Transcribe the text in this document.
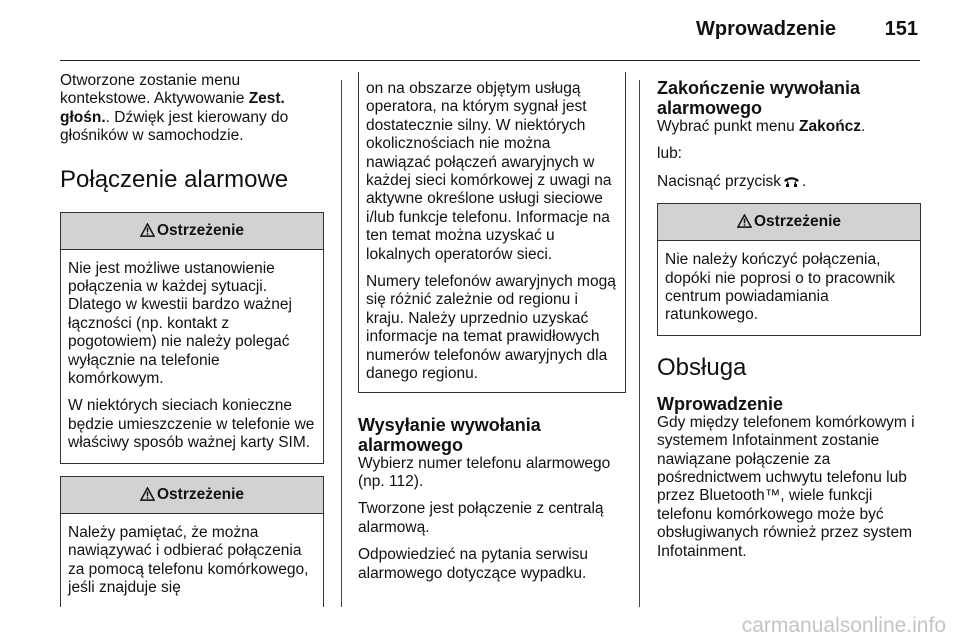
Wprowadzenie 151

Otworzone zostanie menu kontekstowe. Aktywowanie Zest. głośn.. Dźwięk jest kierowany do głośników w samochodzie.

Połączenie alarmowe
Ostrzeżenie

Nie jest możliwe ustanowienie połączenia w każdej sytuacji. Dlatego w kwestii bardzo ważnej łączności (np. kontakt z pogotowiem) nie należy polegać wyłącznie na telefonie komórkowym.

W niektórych sieciach konieczne będzie umieszczenie w telefonie we właściwy sposób ważnej karty SIM.

Ostrzeżenie

Należy pamiętać, że można nawiązywać i odbierać połączenia za pomocą telefonu komórkowego, jeśli znajduje się

on na obszarze objętym usługą operatora, na którym sygnał jest dostatecznie silny. W niektórych okolicznościach nie można nawiązać połączeń awaryjnych w każdej sieci komórkowej z uwagi na aktywne określone usługi sieciowe i/lub funkcje telefonu. Informacje na ten temat można uzyskać u lokalnych operatorów sieci.

Numery telefonów awaryjnych mogą się różnić zależnie od regionu i kraju. Należy uprzednio uzyskać informacje na temat prawidłowych numerów telefonów awaryjnych dla danego regionu.

Wysyłanie wywołania alarmowego

Wybierz numer telefonu alarmowego (np. 112).

Tworzone jest połączenie z centralą alarmową.

Odpowiedzieć na pytania serwisu alarmowego dotyczące wypadku.

Zakończenie wywołania alarmowego

Wybrać punkt menu Zakończ.

lub:

Nacisnąć przycisk .

Ostrzeżenie

Nie należy kończyć połączenia, dopóki nie poprosi o to pracownik centrum powiadamiania ratunkowego.

Obsługa
Wprowadzenie

Gdy między telefonem komórkowym i systemem Infotainment zostanie nawiązane połączenie za pośrednictwem uchwytu telefonu lub przez Bluetooth™, wiele funkcji telefonu komórkowego może być obsługiwanych również przez system Infotainment.

carmanualsonline.info
